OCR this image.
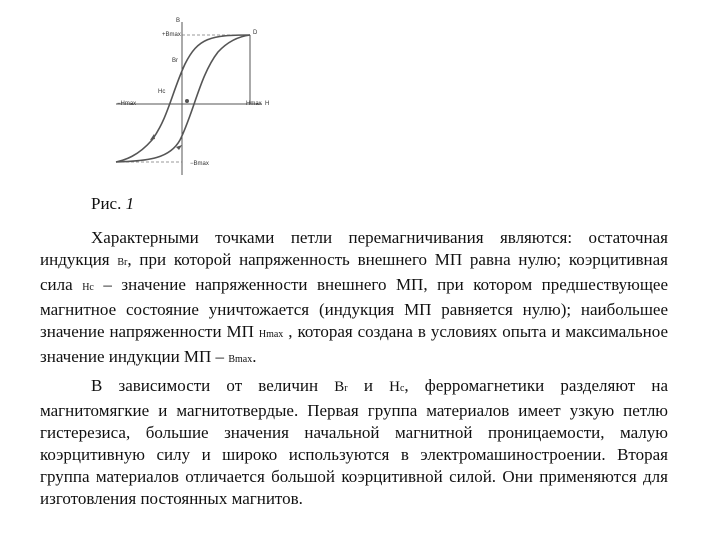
B
+Bmax	D
Br
Hc
−Hmax	Hmax H
−Bmax
Рис. 1

Характерными точками петли перемагничивания являются: остаточная индукция Br, при которой напряженность внешнего МП равна нулю; коэрцитивная сила Hc – значение напряженности внешнего МП, при котором предшествующее магнитное состояние уничтожается (индукция МП равняется нулю); наибольшее значение напряженности МП Hmax , которая создана в условиях опыта и максимальное значение индукции МП – Bmax.

В зависимости от величин Br и Hc, ферромагнетики разделяют на магнитомягкие и магнитотвердые. Первая группа материалов имеет узкую петлю гистерезиса, большие значения начальной магнитной проницаемости, малую коэрцитивную силу и широко используются в электромашиностроении. Вторая группа материалов отличается большой коэрцитивной силой. Они применяются для изготовления постоянных магнитов.
